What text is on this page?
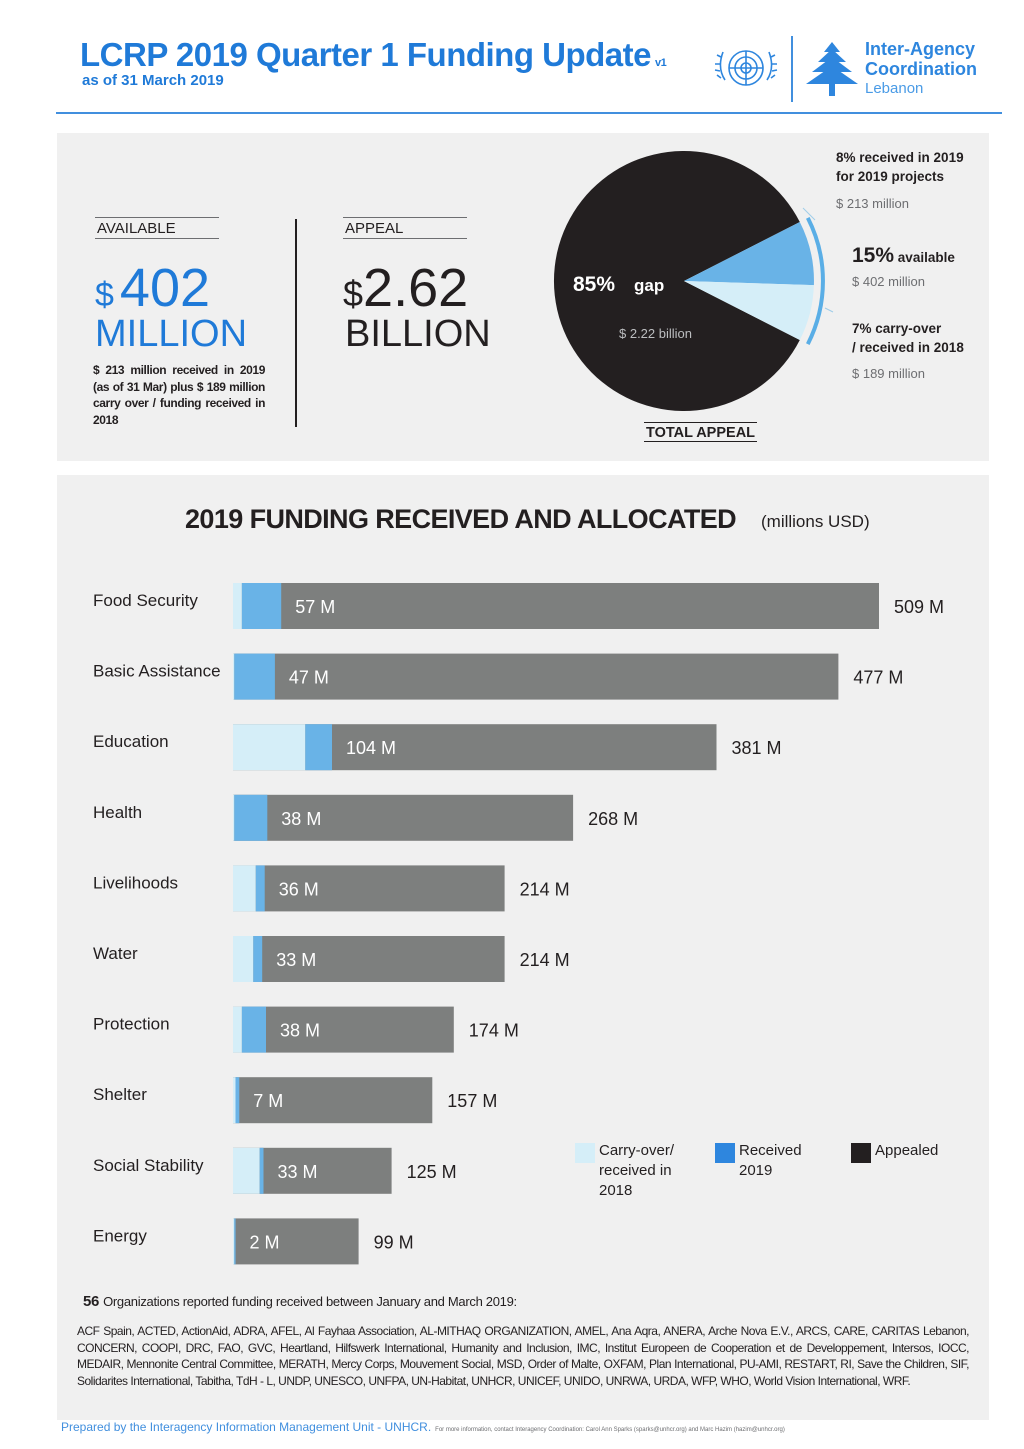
LCRP 2019 Quarter 1 Funding Update v1
as of 31 March 2019
Inter-Agency
Coordination
Lebanon
AVAILABLE
$ 402
MILLION
$ 213 million received in 2019 (as of 31 Mar) plus $ 189 million carry over / funding received in 2018
APPEAL
$2.62
BILLION
85% gap
$ 2.22 billion
8% received in 2019
for 2019 projects
$ 213 million
15% available
$ 402 million
7% carry-over
/ received in 2018
$ 189 million
TOTAL APPEAL
2019 FUNDING RECEIVED AND ALLOCATED (millions USD)
Food Security	57 M	509 M
Basic Assistance	47 M	477 M
Education	104 M	381 M
Health	38 M	268 M
Livelihoods	36 M	214 M
Water	33 M	214 M
Protection	38 M	174 M
Shelter	7 M	157 M
Social Stability	33 M	125 M
Energy	2 M	99 M
Carry-over/ received in 2018
Received 2019
Appealed
56 Organizations reported funding received between January and March 2019:
ACF Spain, ACTED, ActionAid, ADRA, AFEL, Al Fayhaa Association, AL-MITHAQ ORGANIZATION, AMEL, Ana Aqra, ANERA, Arche Nova E.V., ARCS, CARE, CARITAS Lebanon, CONCERN, COOPI, DRC, FAO, GVC, Heartland, Hilfswerk International, Humanity and Inclusion, IMC, Institut Europeen de Cooperation et de Developpement, Intersos, IOCC, MEDAIR, Mennonite Central Committee, MERATH, Mercy Corps, Mouvement Social, MSD, Order of Malte, OXFAM, Plan International, PU-AMI, RESTART, RI, Save the Children, SIF, Solidarites International, Tabitha, TdH - L, UNDP, UNESCO, UNFPA, UN-Habitat, UNHCR, UNICEF, UNIDO, UNRWA, URDA, WFP, WHO, World Vision International, WRF.
Prepared by the Interagency Information Management Unit - UNHCR. For more information, contact Interagency Coordination: Carol Ann Sparks (sparks@unhcr.org) and Marc Hazim (hazim@unhcr.org)
